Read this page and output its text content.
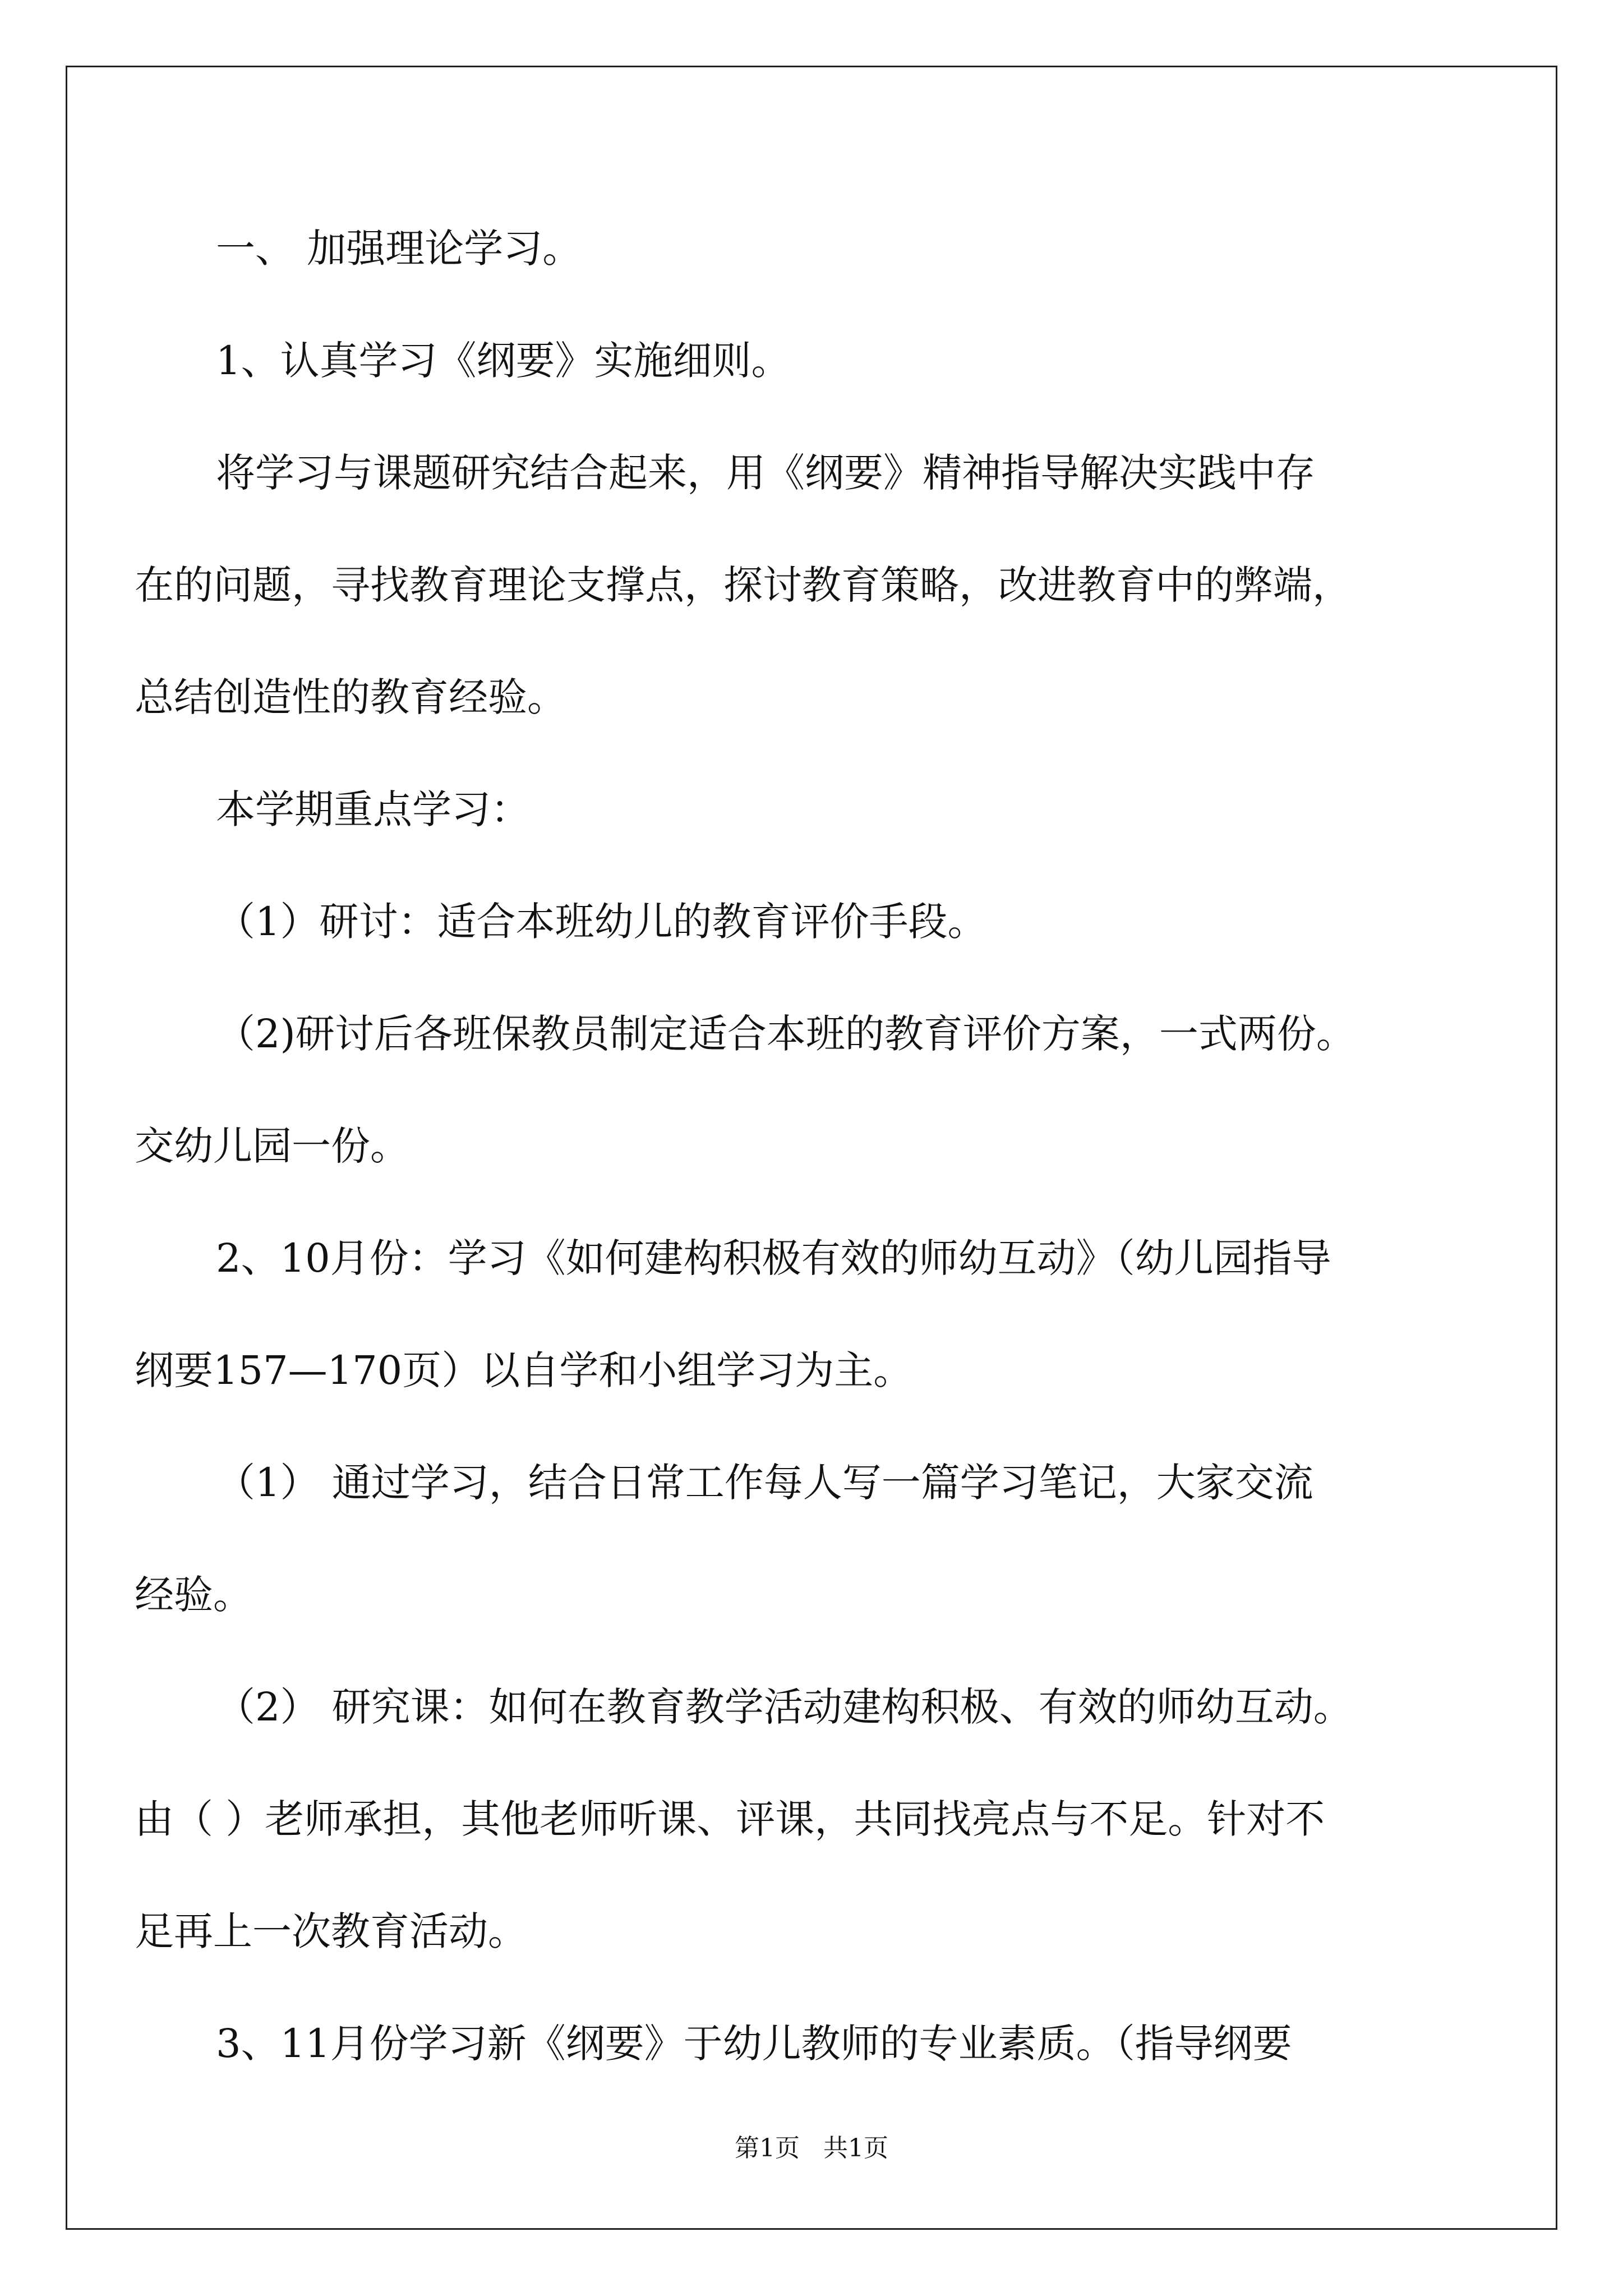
一、 加强理论学习。
1、认真学习《纲要》实施细则。
将学习与课题研究结合起来，用《纲要》精神指导解决实践中存
在的问题，寻找教育理论支撑点，探讨教育策略，改进教育中的弊端，
总结创造性的教育经验。
本学期重点学习：
（1）研讨：适合本班幼儿的教育评价手段。
（2)研讨后各班保教员制定适合本班的教育评价方案，一式两份。
交幼儿园一份。
2、10月份：学习《如何建构积极有效的师幼互动》（幼儿园指导
纲要157—170页）以自学和小组学习为主。
（1） 通过学习，结合日常工作每人写一篇学习笔记，大家交流
经验。
（2） 研究课：如何在教育教学活动建构积极、有效的师幼互动。
由（ ）老师承担，其他老师听课、评课，共同找亮点与不足。针对不
足再上一次教育活动。
3、11月份学习新《纲要》于幼儿教师的专业素质。（指导纲要
第1页   共1页
